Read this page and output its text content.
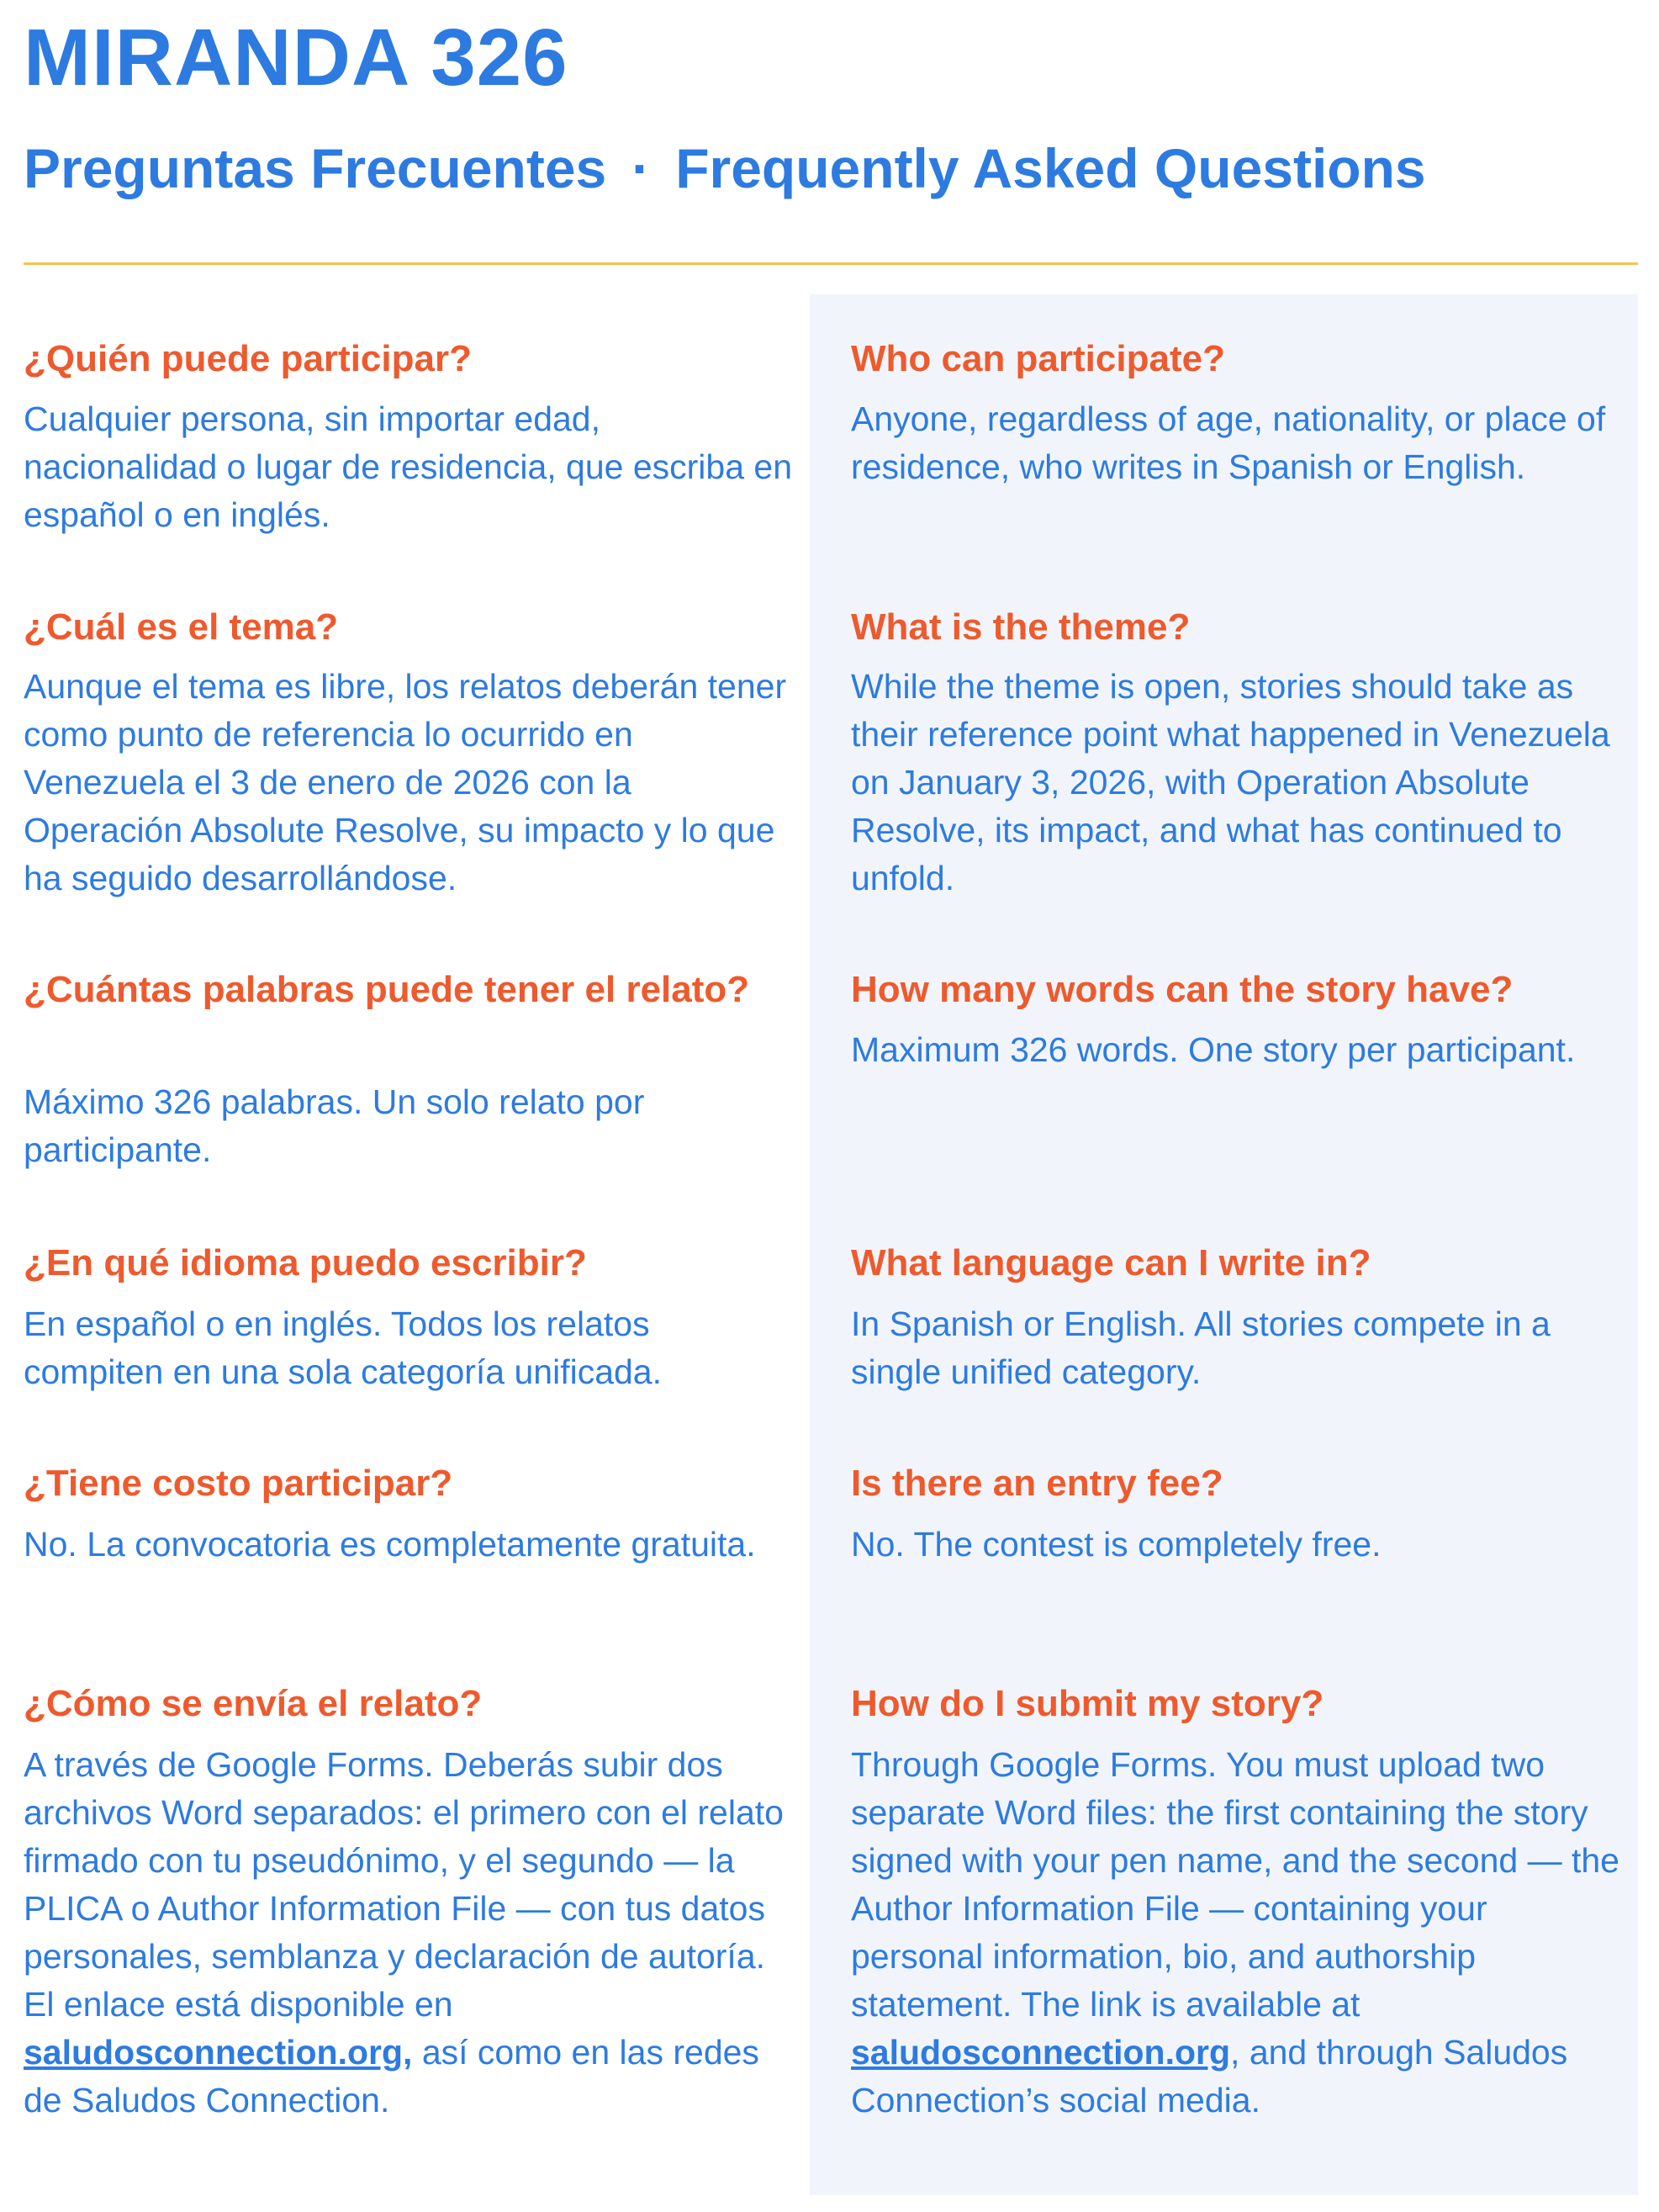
MIRANDA 326
Preguntas Frecuentes · Frequently Asked Questions
¿Quién puede participar?
Cualquier persona, sin importar edad, nacionalidad o lugar de residencia, que escriba en español o en inglés.
¿Cuál es el tema?
Aunque el tema es libre, los relatos deberán tener como punto de referencia lo ocurrido en Venezuela el 3 de enero de 2026 con la Operación Absolute Resolve, su impacto y lo que ha seguido desarrollándose.
¿Cuántas palabras puede tener el relato?
Máximo 326 palabras. Un solo relato por participante.
¿En qué idioma puedo escribir?
En español o en inglés. Todos los relatos compiten en una sola categoría unificada.
¿Tiene costo participar?
No. La convocatoria es completamente gratuita.
¿Cómo se envía el relato?
A través de Google Forms. Deberás subir dos archivos Word separados: el primero con el relato firmado con tu pseudónimo, y el segundo — la PLICA o Author Information File — con tus datos personales, semblanza y declaración de autoría. El enlace está disponible en saludosconnection.org, así como en las redes de Saludos Connection.
Who can participate?
Anyone, regardless of age, nationality, or place of residence, who writes in Spanish or English.
What is the theme?
While the theme is open, stories should take as their reference point what happened in Venezuela on January 3, 2026, with Operation Absolute Resolve, its impact, and what has continued to unfold.
How many words can the story have?
Maximum 326 words. One story per participant.
What language can I write in?
In Spanish or English. All stories compete in a single unified category.
Is there an entry fee?
No. The contest is completely free.
How do I submit my story?
Through Google Forms. You must upload two separate Word files: the first containing the story signed with your pen name, and the second — the Author Information File — containing your personal information, bio, and authorship statement. The link is available at saludosconnection.org, and through Saludos Connection’s social media.
